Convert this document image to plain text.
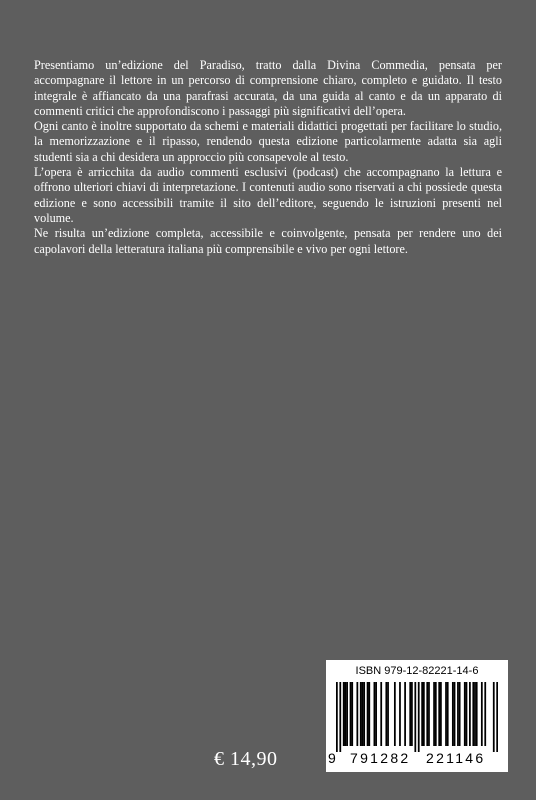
Presentiamo un’edizione del Paradiso, tratto dalla Divina Commedia, pensata per accompagnare il lettore in un percorso di comprensione chiaro, completo e guidato. Il testo integrale è affiancato da una parafrasi accurata, da una guida al canto e da un apparato di commenti critici che approfondiscono i passaggi più significativi dell’opera.

Ogni canto è inoltre supportato da schemi e materiali didattici progettati per facilitare lo studio, la memorizzazione e il ripasso, rendendo questa edizione particolarmente adatta sia agli studenti sia a chi desidera un approccio più consapevole al testo.

L’opera è arricchita da audio commenti esclusivi (podcast) che accompagnano la lettura e offrono ulteriori chiavi di interpretazione. I contenuti audio sono riservati a chi possiede questa edizione e sono accessibili tramite il sito dell’editore, seguendo le istruzioni presenti nel volume.

Ne risulta un’edizione completa, accessibile e coinvolgente, pensata per rendere uno dei capolavori della letteratura italiana più comprensibile e vivo per ogni lettore.

€ 14,90
ISBN 979-12-82221-14-6
9 791282 221146
